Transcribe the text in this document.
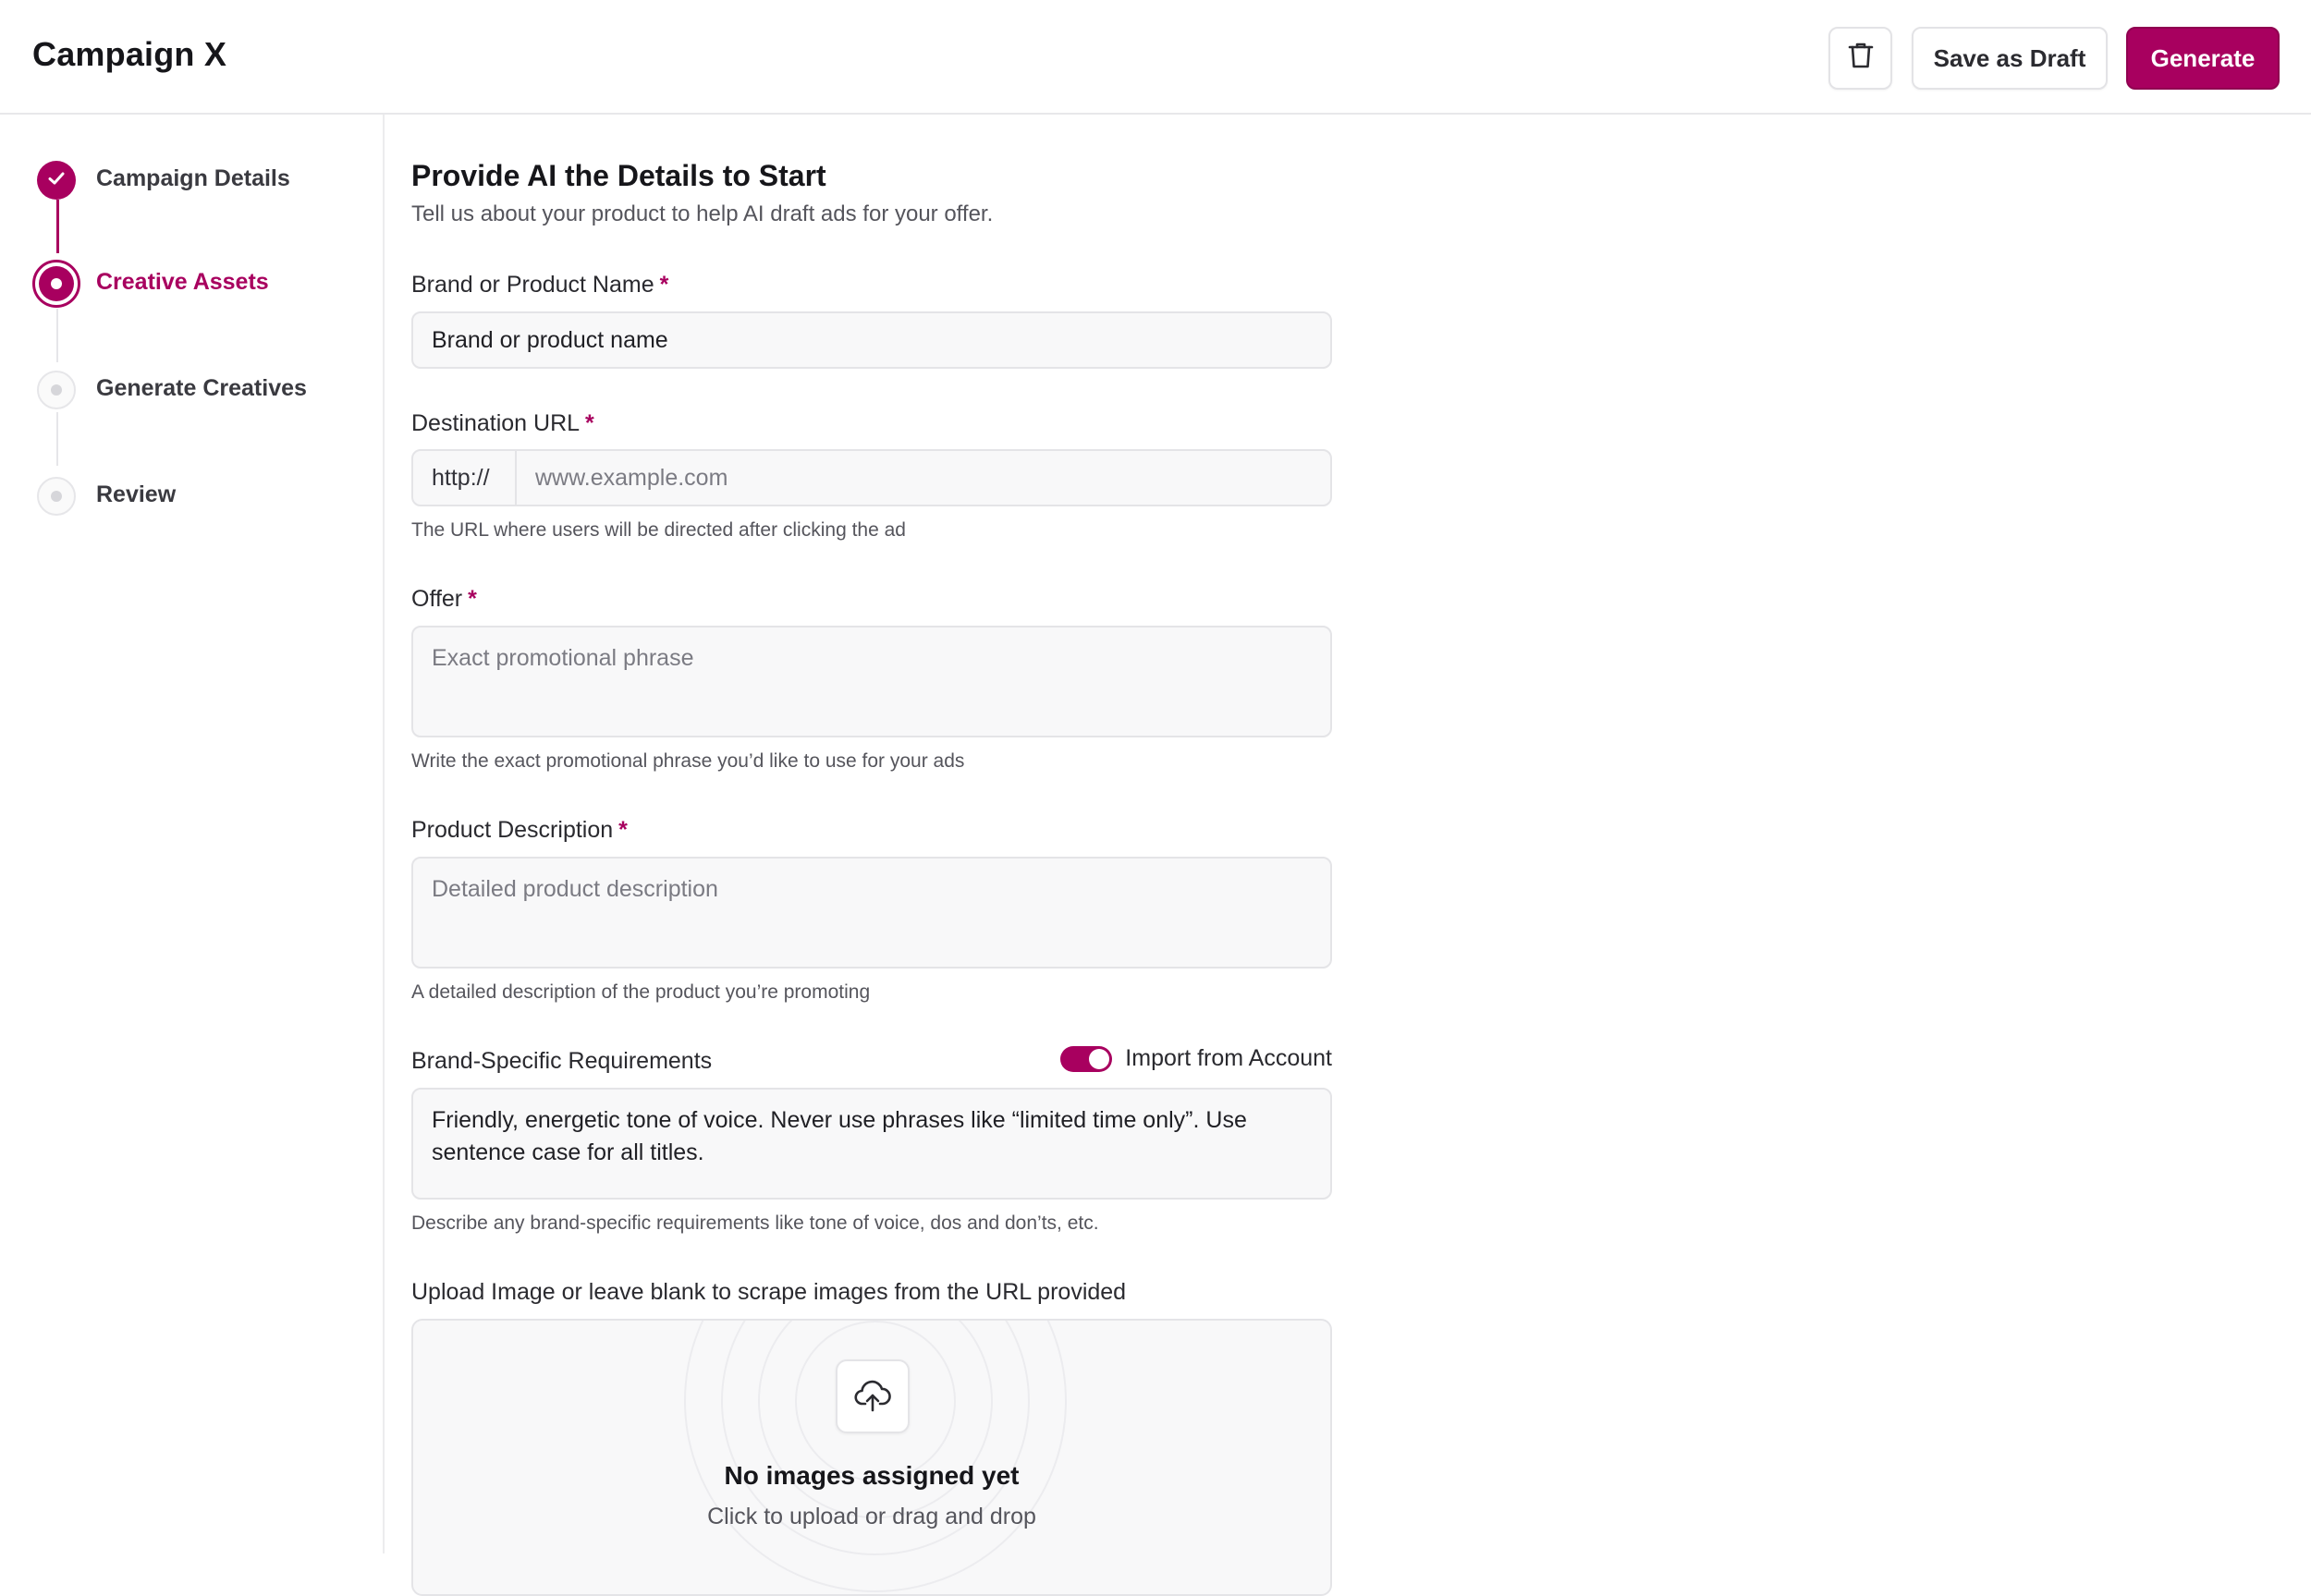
Campaign X	Save as Draft	Generate
Campaign Details
Creative Assets
Generate Creatives
Review
Provide AI the Details to Start
Tell us about your product to help AI draft ads for your offer.
Brand or Product Name *
Brand or product name
Destination URL *
http://	www.example.com
The URL where users will be directed after clicking the ad
Offer *
Exact promotional phrase
Write the exact promotional phrase you’d like to use for your ads
Product Description *
Detailed product description
A detailed description of the product you’re promoting
Brand-Specific Requirements	Import from Account
Friendly, energetic tone of voice. Never use phrases like “limited time only”. Use sentence case for all titles.
Describe any brand-specific requirements like tone of voice, dos and don’ts, etc.
Upload Image or leave blank to scrape images from the URL provided
No images assigned yet
Click to upload or drag and drop
